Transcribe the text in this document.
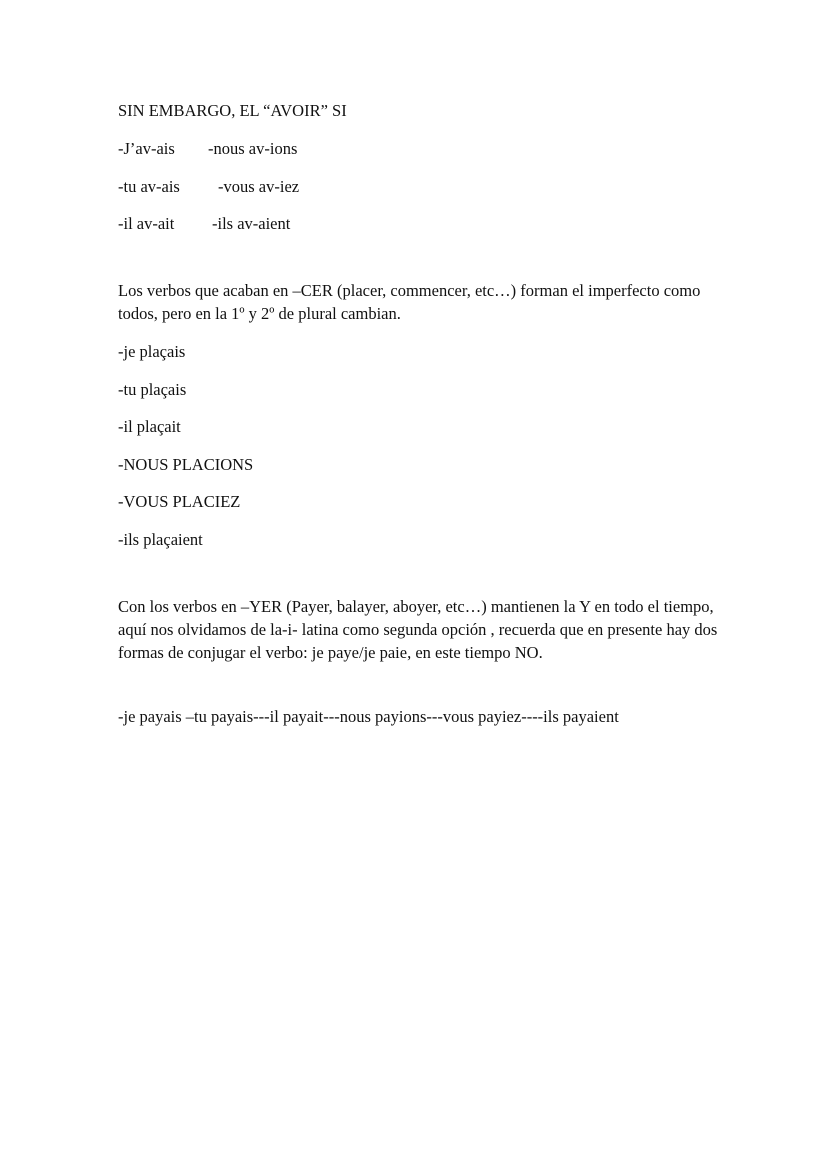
SIN EMBARGO, EL “AVOIR” SI
-J’av-ais -nous av-ions
-tu av-ais -vous av-iez
-il av-ait -ils av-aient
Los verbos que acaban en –CER (placer, commencer, etc…) forman el imperfecto como todos, pero en la 1º y 2º de plural cambian.
-je plaçais
-tu plaçais
-il plaçait
-NOUS PLACIONS
-VOUS PLACIEZ
-ils plaçaient
Con los verbos en –YER (Payer, balayer, aboyer, etc…) mantienen la Y en todo el tiempo, aquí nos olvidamos de la-i- latina como segunda opción , recuerda que en presente hay dos formas de conjugar el verbo: je paye/je paie, en este tiempo NO.
-je payais –tu payais---il payait---nous payions---vous payiez----ils payaient
